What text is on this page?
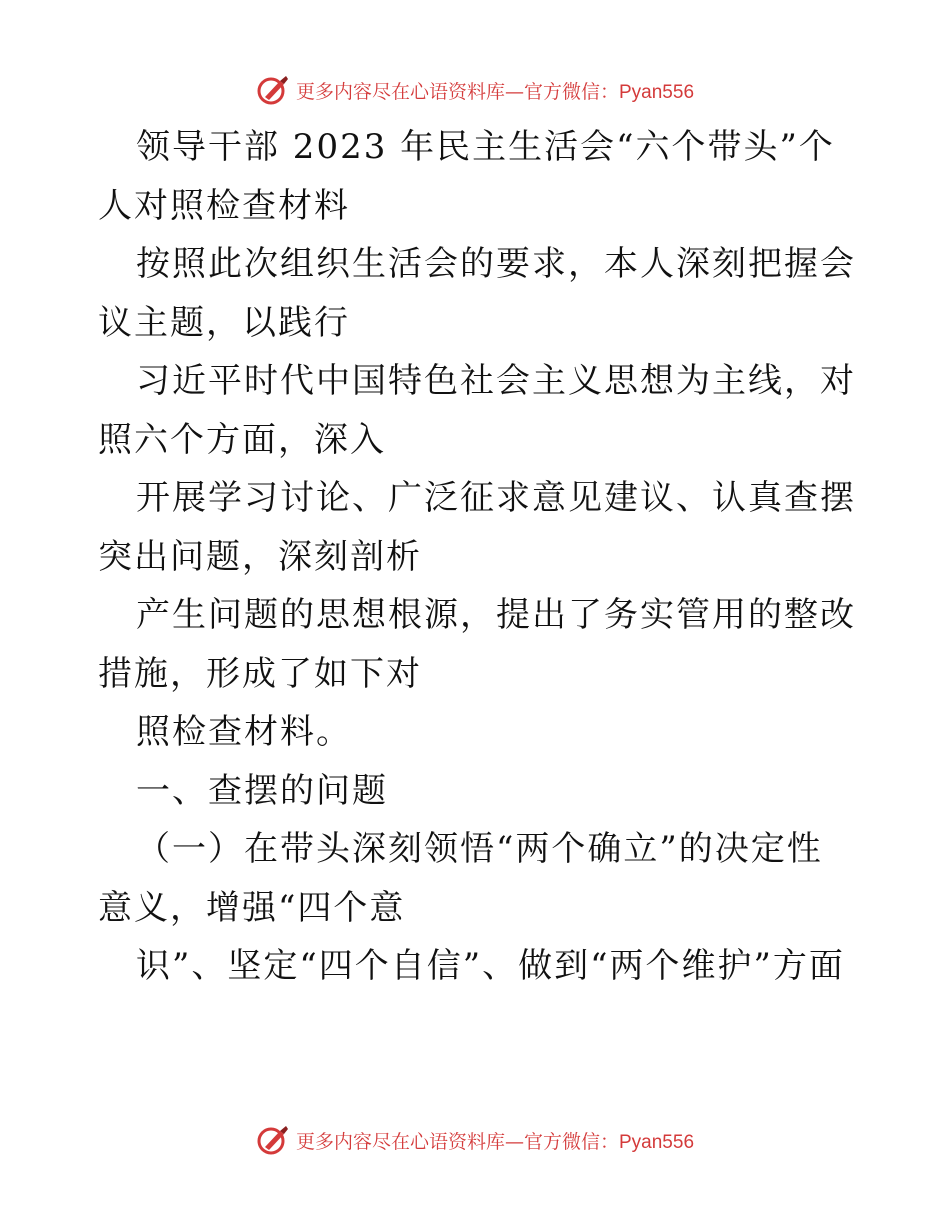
更多内容尽在心语资料库—官方微信：Pyan556

领导干部 2023 年民主生活会“六个带头”个人对照检查材料

按照此次组织生活会的要求，本人深刻把握会议主题，以践行

习近平时代中国特色社会主义思想为主线，对照六个方面，深入

开展学习讨论、广泛征求意见建议、认真查摆突出问题，深刻剖析

产生问题的思想根源，提出了务实管用的整改措施，形成了如下对

照检查材料。

一、查摆的问题

（一）在带头深刻领悟“两个确立”的决定性意义，增强“四个意

识”、坚定“四个自信”、做到“两个维护”方面

更多内容尽在心语资料库—官方微信：Pyan556
